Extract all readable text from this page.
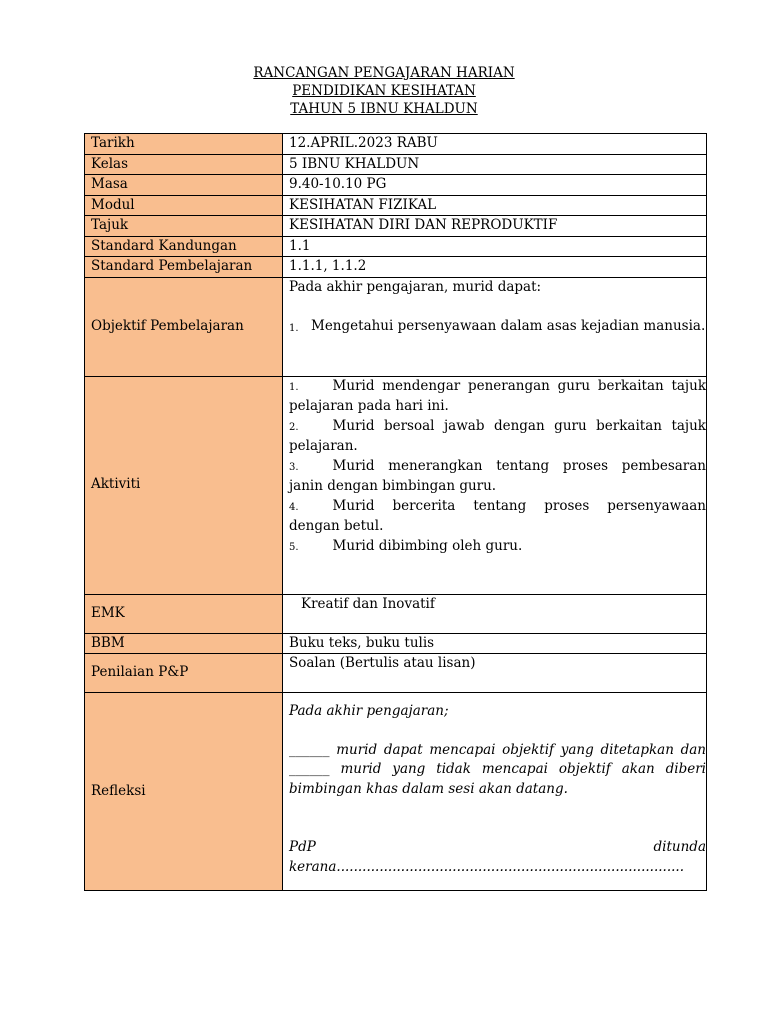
RANCANGAN PENGAJARAN HARIAN
PENDIDIKAN KESIHATAN
TAHUN 5 IBNU KHALDUN
Tarikh	12.APRIL.2023 RABU
Kelas	5 IBNU KHALDUN
Masa	9.40-10.10 PG
Modul	KESIHATAN FIZIKAL
Tajuk	KESIHATAN DIRI DAN REPRODUKTIF
Standard Kandungan	1.1
Standard Pembelajaran	1.1.1, 1.1.2
Objektif Pembelajaran	Pada akhir pengajaran, murid dapat:
1. Mengetahui persenyawaan dalam asas kejadian manusia.

Aktiviti	1. Murid mendengar penerangan guru berkaitan tajuk pelajaran pada hari ini.

2. Murid bersoal jawab dengan guru berkaitan tajuk pelajaran.

3. Murid menerangkan tentang proses pembesaran janin dengan bimbingan guru.

4. Murid bercerita tentang proses persenyawaan dengan betul.

5. Murid dibimbing oleh guru.

EMK	Kreatif dan Inovatif
BBM	Buku teks, buku tulis
Penilaian P&P	Soalan (Bertulis atau lisan)
Refleksi	Pada akhir pengajaran;
______ murid dapat mencapai objektif yang ditetapkan dan ______ murid yang tidak mencapai objektif akan diberi bimbingan khas dalam sesi akan datang.
PdP ditunda
kerana.................................................................................
